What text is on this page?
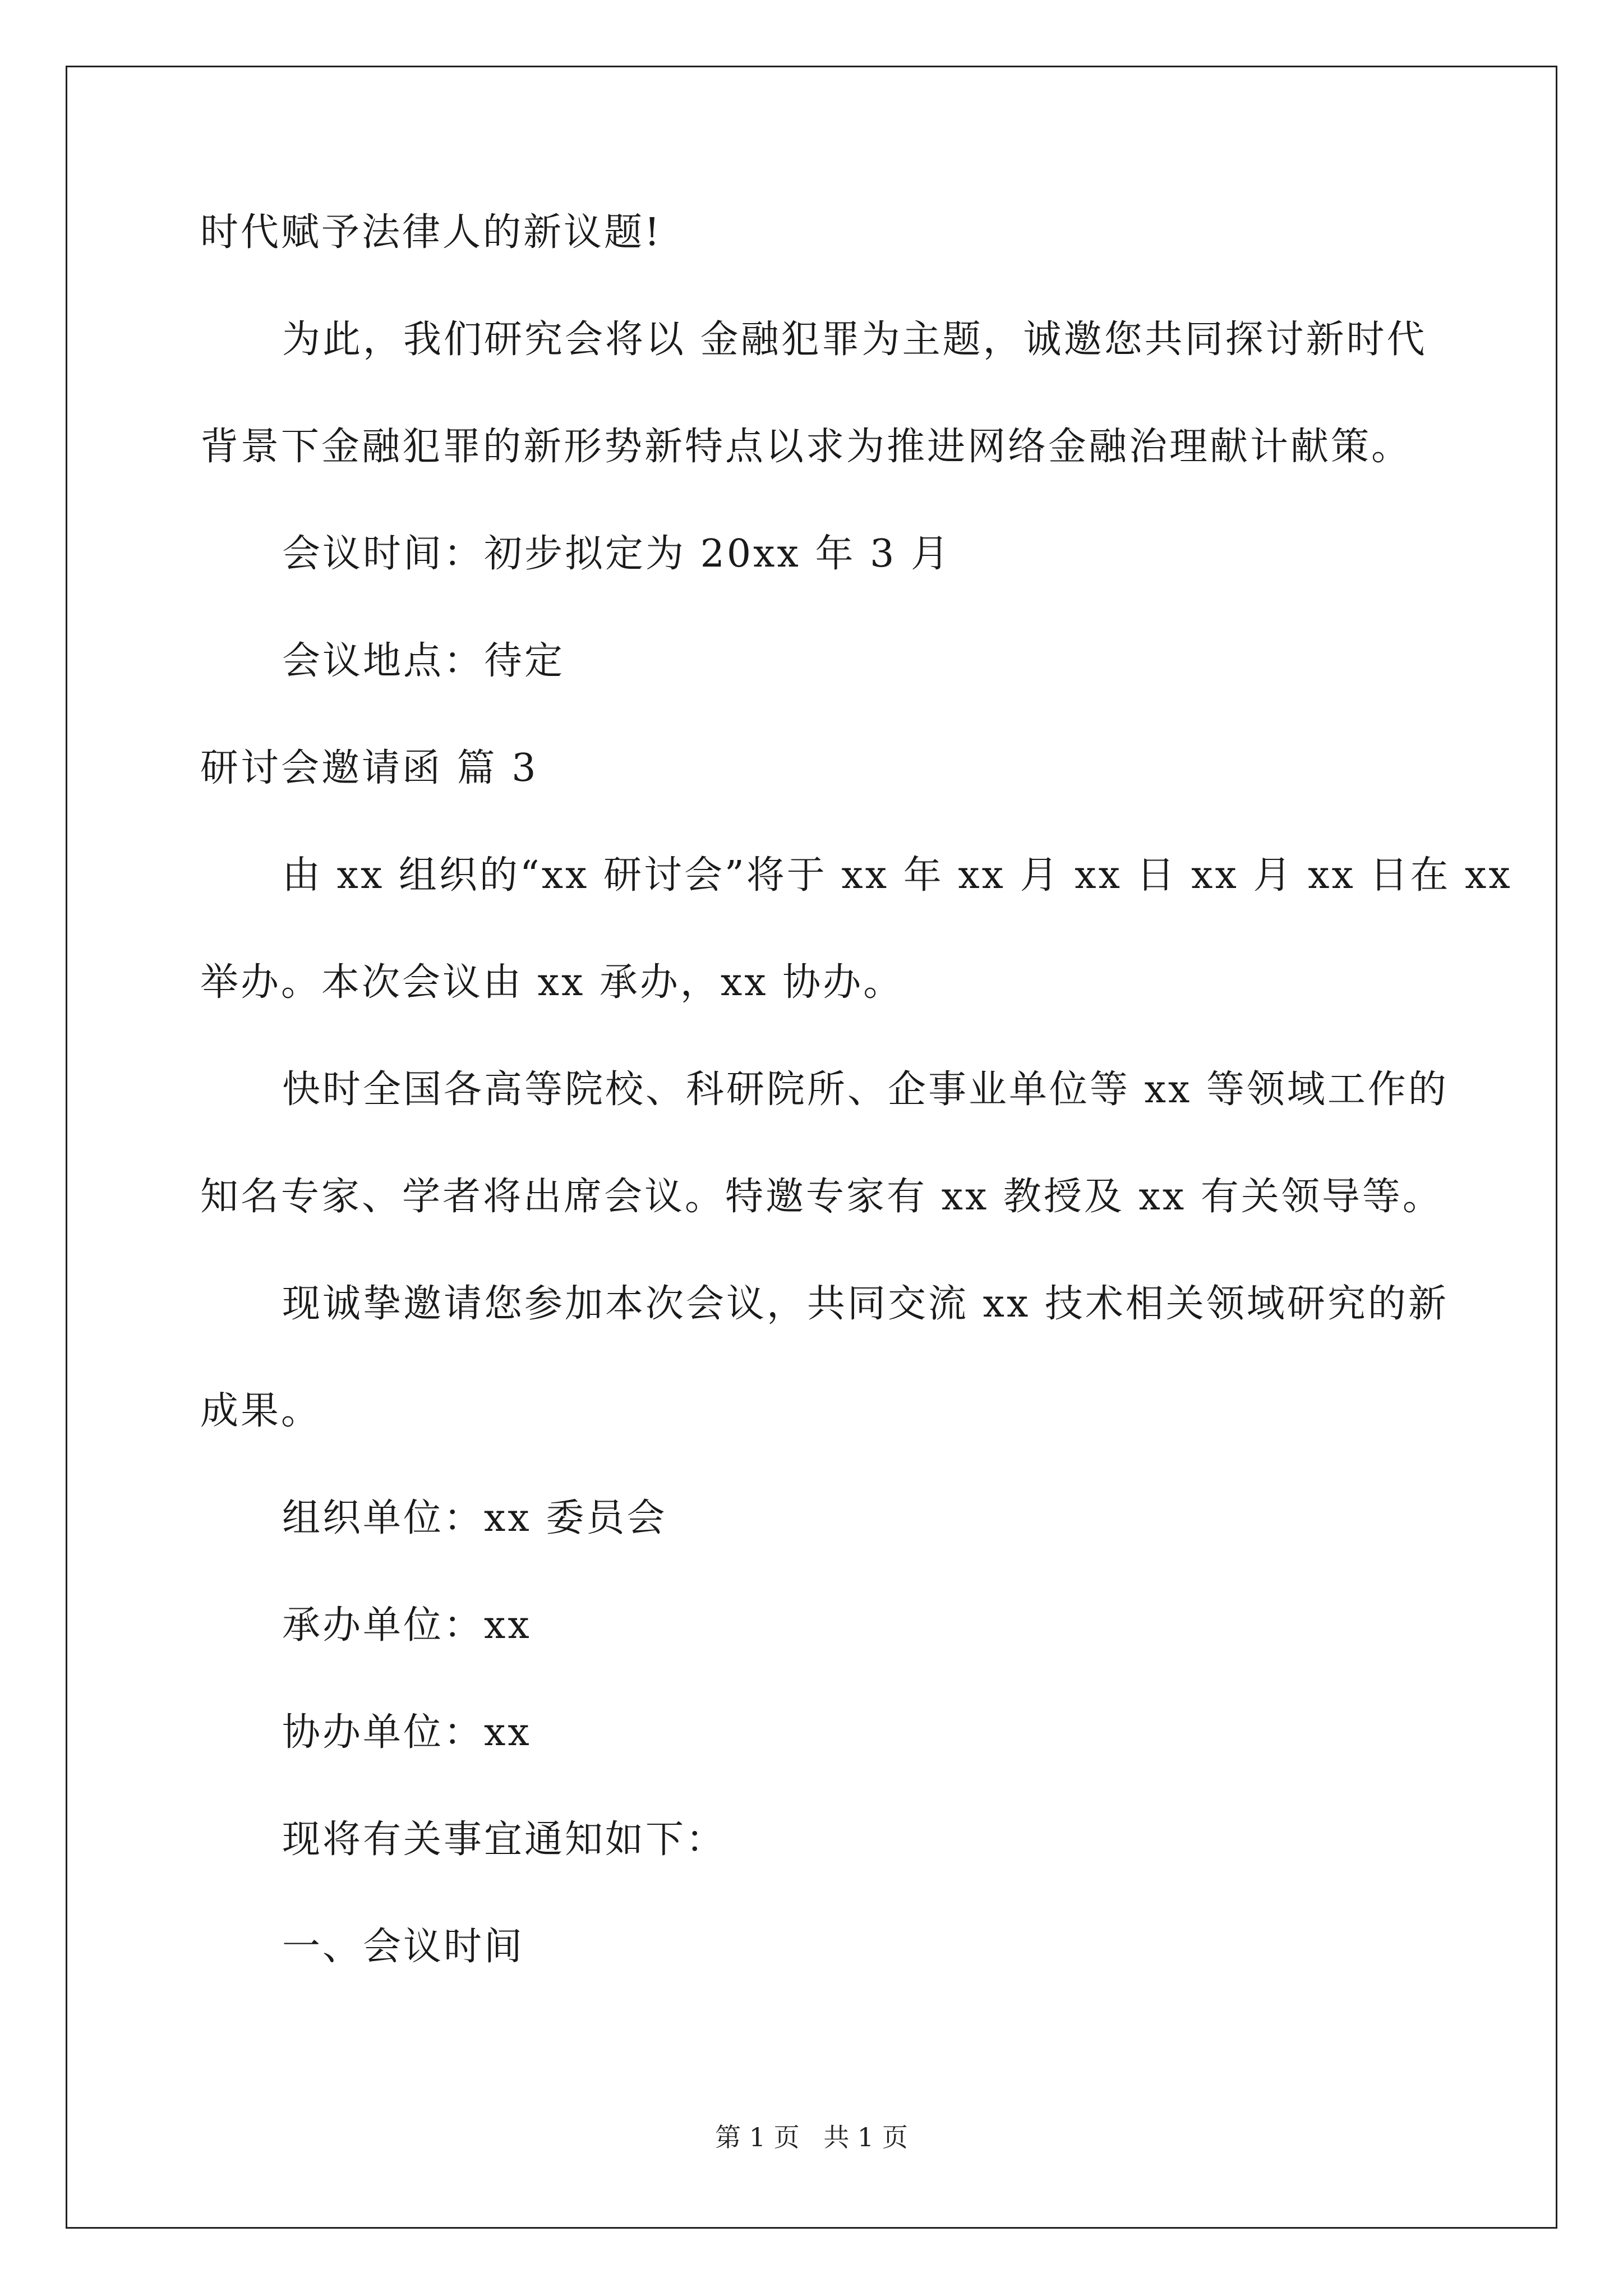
时代赋予法律人的新议题!
为此，我们研究会将以 金融犯罪为主题，诚邀您共同探讨新时代
背景下金融犯罪的新形势新特点以求为推进网络金融治理献计献策。
会议时间：初步拟定为 20xx 年 3 月
会议地点：待定
研讨会邀请函 篇 3
由 xx 组织的“xx 研讨会”将于 xx 年 xx 月 xx 日 xx 月 xx 日在 xx
举办。本次会议由 xx 承办，xx 协办。
快时全国各高等院校、科研院所、企事业单位等 xx 等领域工作的
知名专家、学者将出席会议。特邀专家有 xx 教授及 xx 有关领导等。
现诚挚邀请您参加本次会议，共同交流 xx 技术相关领域研究的新
成果。
组织单位：xx 委员会
承办单位：xx
协办单位：xx
现将有关事宜通知如下：
一、会议时间
第 1 页 共 1 页
